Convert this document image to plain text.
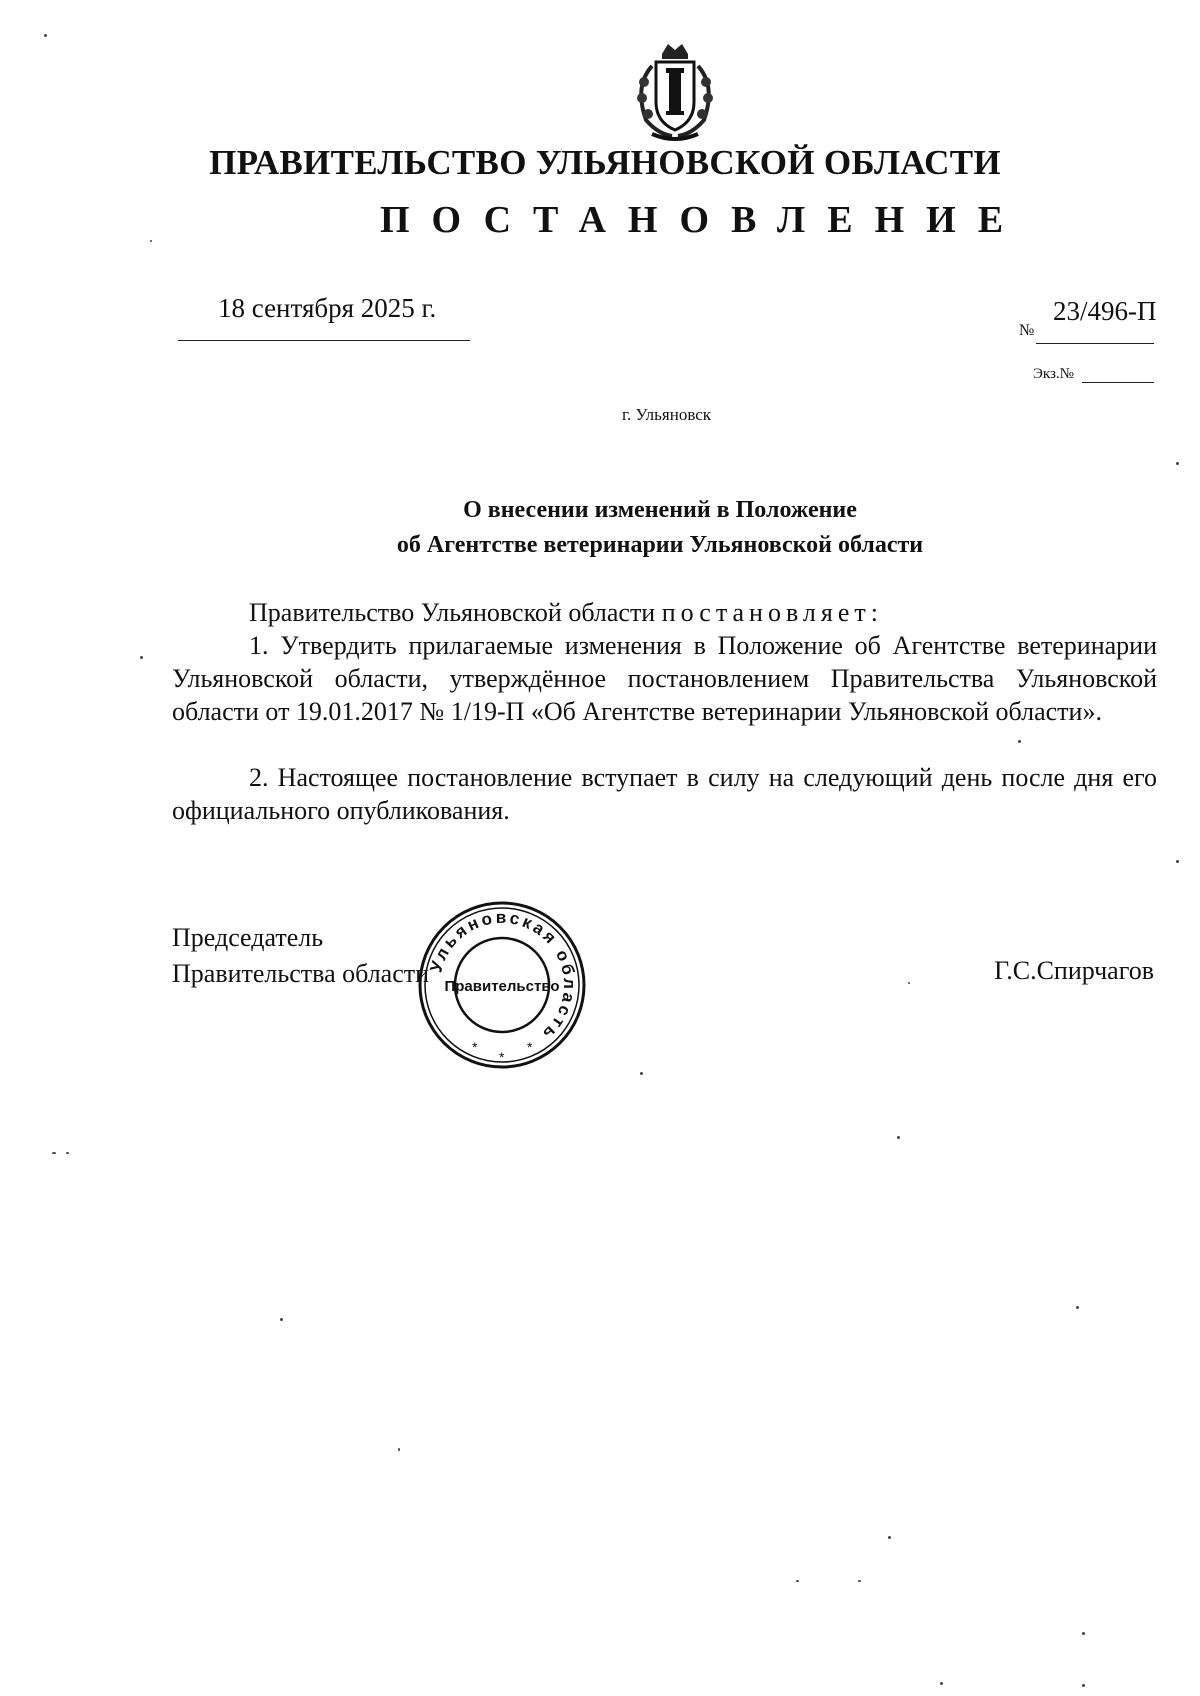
ПРАВИТЕЛЬСТВО УЛЬЯНОВСКОЙ ОБЛАСТИ
ПОСТАНОВЛЕНИЕ
18 сентября 2025 г.
№
23/496-П
Экз.№
г. Ульяновск
О внесении изменений в Положение
об Агентстве ветеринарии Ульяновской области
Правительство Ульяновской области постановляет:
1. Утвердить прилагаемые изменения в Положение об Агентстве ветеринарии Ульяновской области, утверждённое постановлением Правительства Ульяновской области от 19.01.2017 № 1/19-П «Об Агентстве ветеринарии Ульяновской области».
2. Настоящее постановление вступает в силу на следующий день после дня его официального опубликования.
Председатель
Правительства области	Г.С.Спирчагов
Ульяновская область
Правительство
*
*
*
